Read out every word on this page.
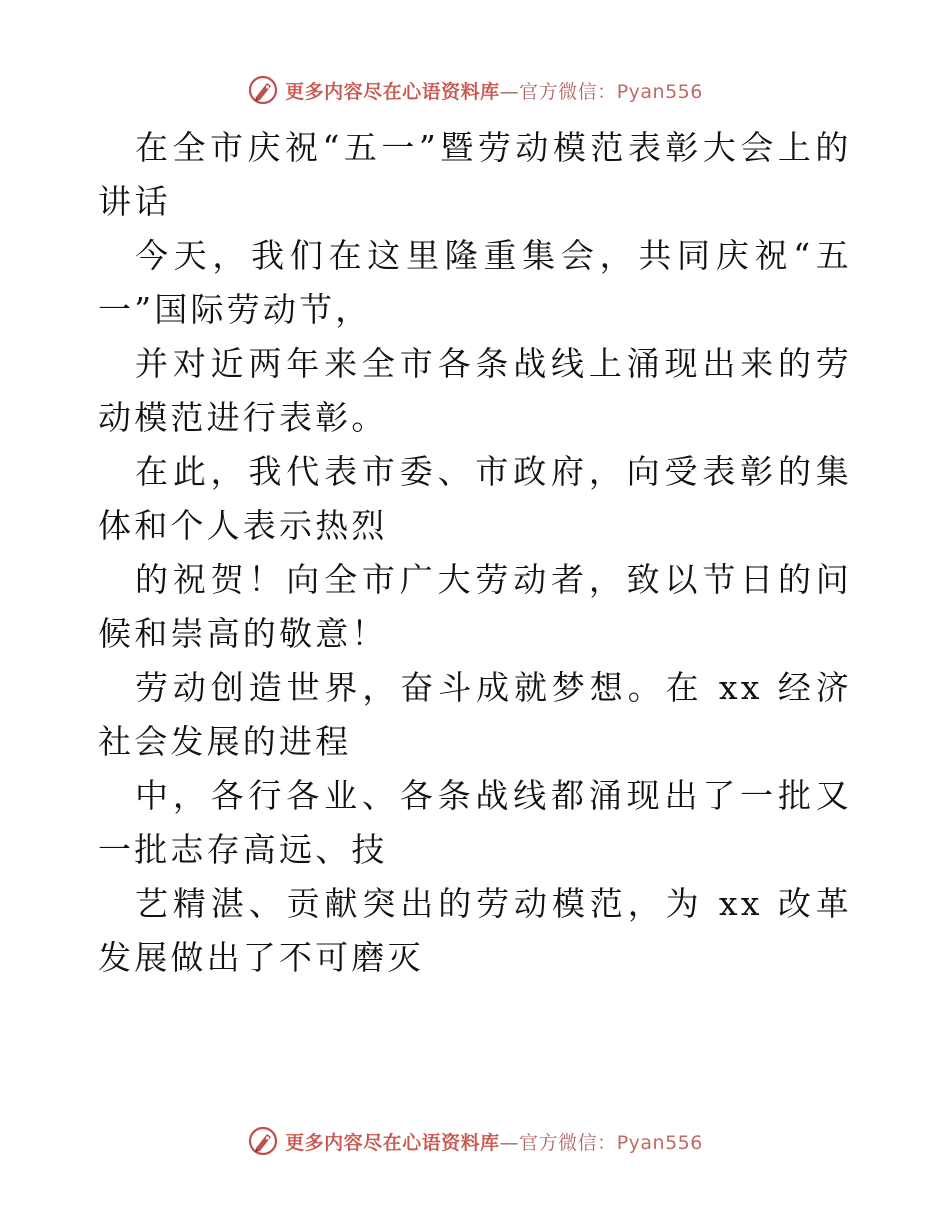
更多内容尽在心语资料库—官方微信：Pyan556

在全市庆祝“五一”暨劳动模范表彰大会上的讲话

今天，我们在这里隆重集会，共同庆祝“五一”国际劳动节，

并对近两年来全市各条战线上涌现出来的劳动模范进行表彰。

在此，我代表市委、市政府，向受表彰的集体和个人表示热烈

的祝贺！向全市广大劳动者，致以节日的问候和崇高的敬意！

劳动创造世界，奋斗成就梦想。在 xx 经济社会发展的进程

中，各行各业、各条战线都涌现出了一批又一批志存高远、技

艺精湛、贡献突出的劳动模范，为 xx 改革发展做出了不可磨灭

更多内容尽在心语资料库—官方微信：Pyan556
